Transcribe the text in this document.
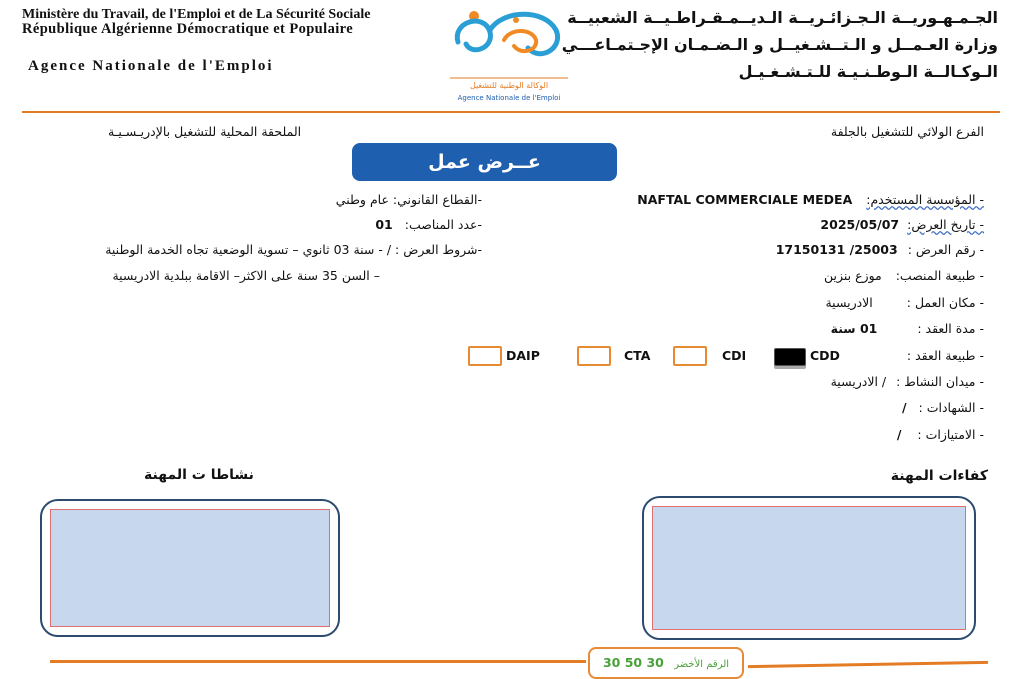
Ministère du Travail, de l'Emploi et de La Sécurité Sociale
République Algérienne Démocratique et Populaire
Agence Nationale de l'Emploi
الوكالة الوطنية للتشغيل
Agence Nationale de l'Emploi
الجـمـهـوريــة الـجـزائـريــة الـديــمـقـراطـيــة الشعبيــة
وزارة العـمــل و الـتــشـغيــل و الـضـمـان الإجـتمـاعـــي
الـوكـالــة الـوطـنـيـة للـتـشـغـيـل
الفرع الولائي للتشغيل بالجلفة
الملحقة المحلية للتشغيل بالإدريـسـيـة
عــرض عمل
- المؤسسة المستخدم: NAFTAL COMMERCIALE MEDEA
- تاريخ العرض: 2025/05/07
- رقم العرض : 25003/ 17150131
- طبيعة المنصب: موزع بنزين
- مكان العمل : الادريسية
- مدة العقد : 01 سنة
- طبيعة العقد :
- ميدان النشاط : / الادريسية
- الشهادات : /
- الامتيازات : /
CDD
CDI
CTA
DAIP
-القطاع القانوني: عام وطني
-عدد المناصب: 01
-شروط العرض : / - سنة 03 ثانوي – تسوية الوضعية تجاه الخدمة الوطنية
– السن 35 سنة على الاكثر– الاقامة ببلدية الادريسية
كفاءات المهنة
نشاطا ت المهنة
الرقم الأخضر 30 50 30
